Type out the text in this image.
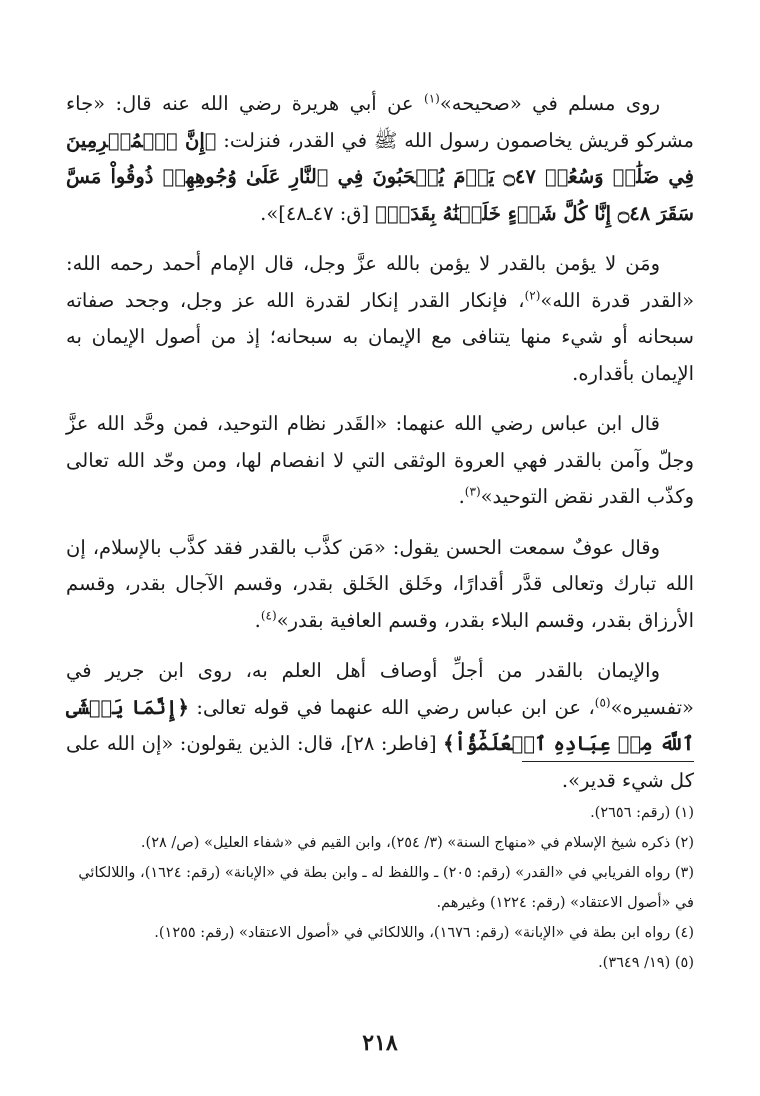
روى مسلم في «صحيحه»$^{(١)}$ عن أبي هريرة رضي الله عنه قال: «جاء مشركو قريش يخاصمون رسول الله ﷺ في القدر، فنزلت: ﴿إِنَّ ٱلۡمُجۡرِمِينَ فِي ضَلَٰلٖ وَسُعُرٖ ۝٤٧ يَوۡمَ يُسۡحَبُونَ فِي ٱلنَّارِ عَلَىٰ وُجُوهِهِمۡ ذُوقُواْ مَسَّ سَقَرَ ۝٤٨ إِنَّا كُلَّ شَيۡءٍ خَلَقۡنَٰهُ بِقَدَرٖ﴾ [ق: ٤٧ـ٤٨]».

ومَن لا يؤمن بالقدر لا يؤمن بالله عزَّ وجل، قال الإمام أحمد رحمه الله: «القدر قدرة الله»$^{(٢)}$، فإنكار القدر إنكار لقدرة الله عز وجل، وجحد صفاته سبحانه أو شيء منها يتنافى مع الإيمان به سبحانه؛ إذ من أصول الإيمان به الإيمان بأقداره.

قال ابن عباس رضي الله عنهما: «القَدر نظام التوحيد، فمن وحَّد الله عزَّ وجلّ وآمن بالقدر فهي العروة الوثقى التي لا انفصام لها، ومن وحّد الله تعالى وكذّب القدر نقض التوحيد»$^{(٣)}$.

وقال عوفٌ سمعت الحسن يقول: «مَن كذَّب بالقدر فقد كذَّب بالإسلام، إن الله تبارك وتعالى قدَّر أقدارًا، وخَلق الخَلق بقدر، وقسم الآجال بقدر، وقسم الأرزاق بقدر، وقسم البلاء بقدر، وقسم العافية بقدر»$^{(٤)}$.

والإيمان بالقدر من أجلِّ أوصاف أهل العلم به، روى ابن جرير في «تفسيره»$^{(٥)}$، عن ابن عباس رضي الله عنهما في قوله تعالى: ﴿إِنَّمَا يَخۡشَى ٱللَّهَ مِنۡ عِبَادِهِ ٱلۡعُلَمَٰٓؤُاْ﴾ [فاطر: ٢٨]، قال: الذين يقولون: «إن الله على كل شيء قدير».

(١) (رقم: ٢٦٥٦).

(٢) ذكره شيخ الإسلام في «منهاج السنة» (٣/ ٢٥٤)، وابن القيم في «شفاء العليل» (ص/ ٢٨).

(٣) رواه الفريابي في «القدر» (رقم: ٢٠٥) ـ واللفظ له ـ وابن بطة في «الإبانة» (رقم: ١٦٢٤)، واللالكائي في «أصول الاعتقاد» (رقم: ١٢٢٤) وغيرهم.

(٤) رواه ابن بطة في «الإبانة» (رقم: ١٦٧٦)، واللالكائي في «أصول الاعتقاد» (رقم: ١٢٥٥).

(٥) (١٩/ ٣٦٤٩).

٢١٨
